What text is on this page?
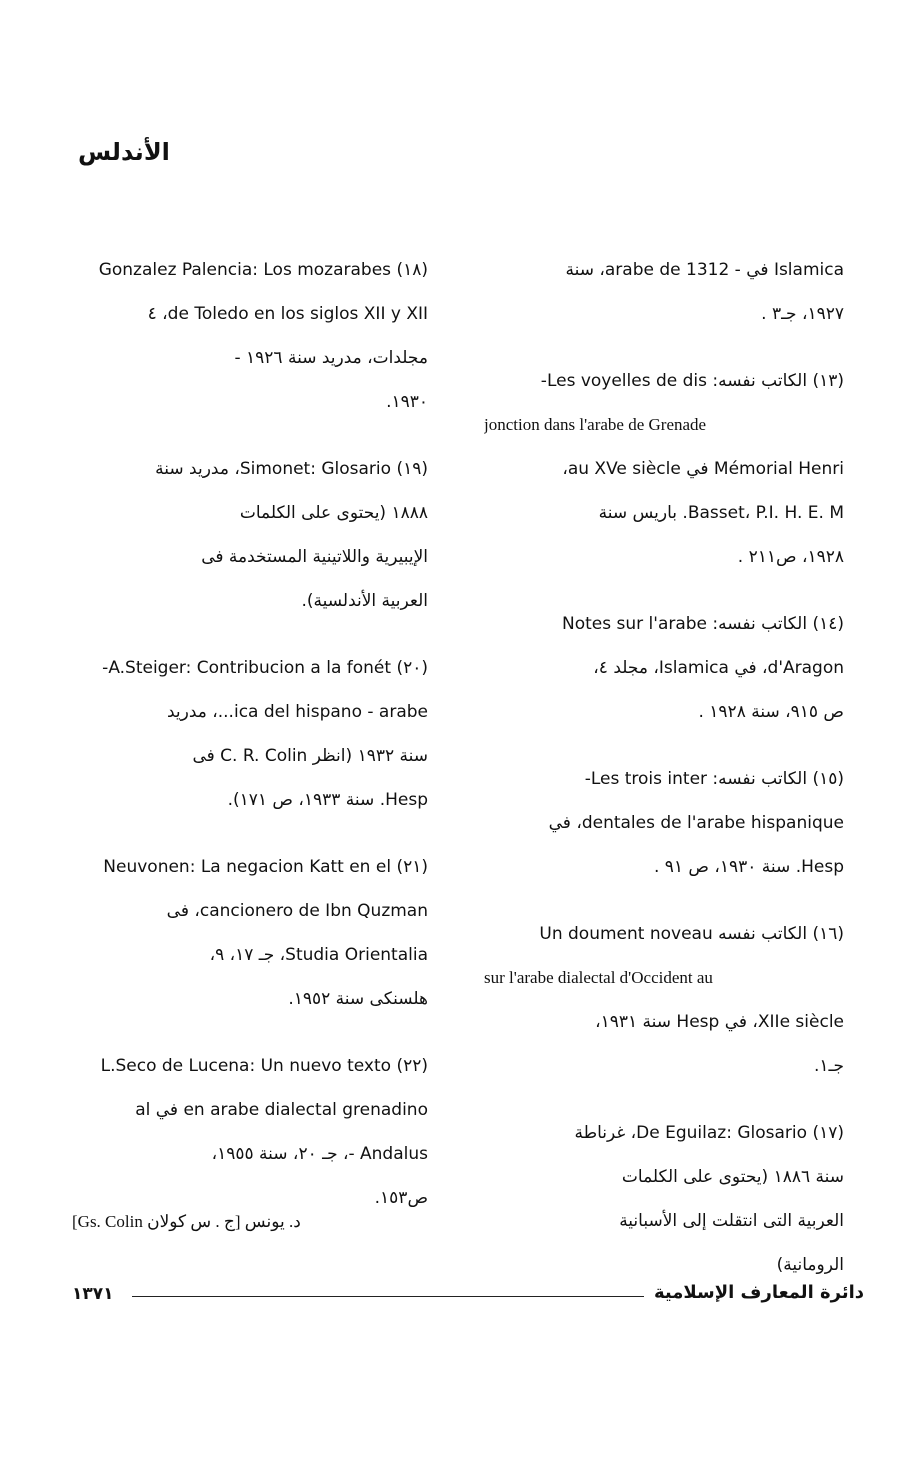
الأندلس
Islamica في - arabe de 1312، سنة
١٩٢٧، جـ٣ .
(١٣) الكاتب نفسه: Les voyelles de dis-
jonction dans l'arabe de Grenade
Mémorial Henri في au XVe siècle،
Basset، P.I. H. E. M. باريس سنة
١٩٢٨، ص٢١١ .
(١٤) الكاتب نفسه: Notes sur l'arabe
d'Aragon، في Islamica، مجلد ٤،
ص ٩١٥، سنة ١٩٢٨ .
(١٥) الكاتب نفسه: Les trois inter-
dentales de l'arabe hispanique، في
Hesp. سنة ١٩٣٠، ص ٩١ .
(١٦) الكاتب نفسه Un doument noveau
sur l'arabe dialectal d'Occident au
XIIe siècle، في Hesp سنة ١٩٣١،
جـ١.
(١٧) De Eguilaz: Glosario، غرناطة
سنة ١٨٨٦ (يحتوى على الكلمات
العربية التى انتقلت إلى الأسبانية
الرومانية)
(١٨) Gonzalez Palencia: Los mozarabes
de Toledo en los siglos XII y XII، ٤
مجلدات، مدريد سنة ١٩٢٦ -
١٩٣٠.
(١٩) Simonet: Glosario، مدريد سنة
١٨٨٨ (يحتوى على الكلمات
الإيبيرية واللاتينية المستخدمة فى
العربية الأندلسية).
(٢٠) A.Steiger: Contribucion a la fonét-
ica del hispano - arabe...، مدريد
سنة ١٩٣٢ (انظر C. R. Colin فى
Hesp. سنة ١٩٣٣، ص ١٧١).
(٢١) Neuvonen: La negacion Katt en el
cancionero de Ibn Quzman، فى
Studia Orientalia، جـ ١٧، ٩،
هلسنكى سنة ١٩٥٢.
(٢٢) L.Seco de Lucena: Un nuevo texto
en arabe dialectal grenadino في al
Andalus -، جـ ٢٠، سنة ١٩٥٥،
ص١٥٣.
[Gs. Colin د. يونس [ج . س كولان
١٣٧١	دائرة المعارف الإسلامية
